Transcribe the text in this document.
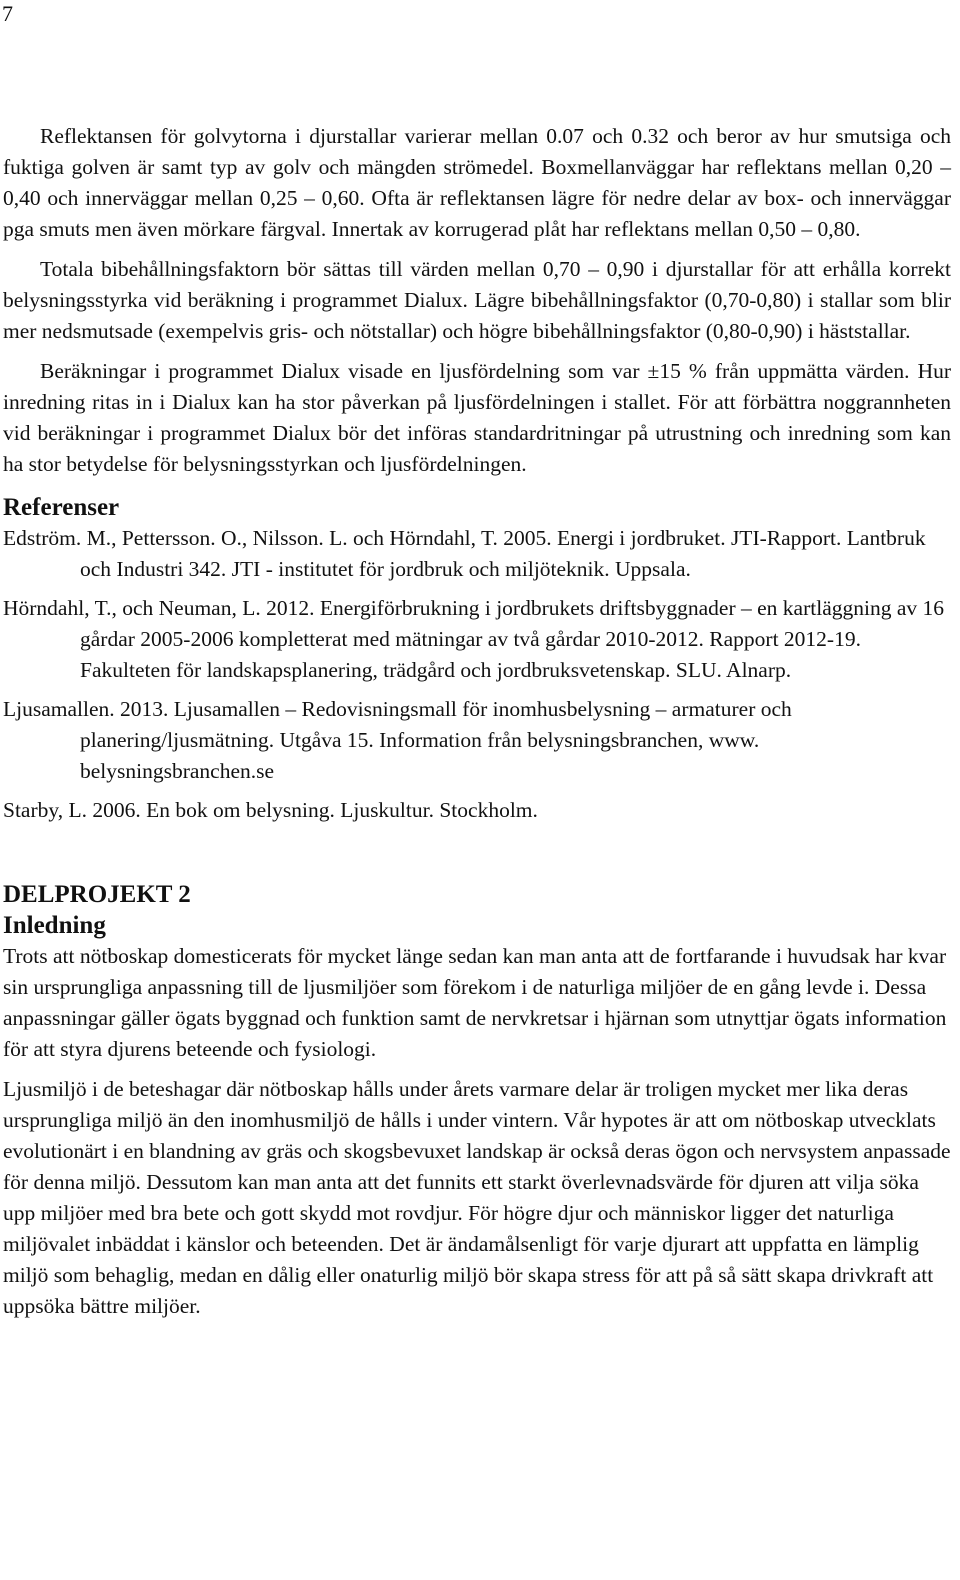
7

Reflektansen för golvytorna i djurstallar varierar mellan 0.07 och 0.32 och beror av hur smutsiga och fuktiga golven är samt typ av golv och mängden strömedel. Boxmellanväggar har reflektans mellan 0,20 – 0,40 och innerväggar mellan 0,25 – 0,60. Ofta är reflektansen lägre för nedre delar av box- och innerväggar pga smuts men även mörkare färgval. Innertak av korrugerad plåt har reflektans mellan 0,50 – 0,80.

Totala bibehållningsfaktorn bör sättas till värden mellan 0,70 – 0,90 i djurstallar för att erhålla korrekt belysningsstyrka vid beräkning i programmet Dialux. Lägre bibehållningsfaktor (0,70-0,80) i stallar som blir mer nedsmutsade (exempelvis gris- och nötstallar) och högre bibehållningsfaktor (0,80-0,90) i häststallar.

Beräkningar i programmet Dialux visade en ljusfördelning som var ±15 % från uppmätta värden. Hur inredning ritas in i Dialux kan ha stor påverkan på ljusfördelningen i stallet. För att förbättra noggrannheten vid beräkningar i programmet Dialux bör det införas standardritningar på utrustning och inredning som kan ha stor betydelse för belysningsstyrkan och ljusfördelningen.

Referenser

Edström. M., Pettersson. O., Nilsson. L. och Hörndahl, T. 2005. Energi i jordbruket. JTI-Rapport. Lantbruk och Industri 342. JTI - institutet för jordbruk och miljöteknik. Uppsala.

Hörndahl, T., och Neuman, L. 2012. Energiförbrukning i jordbrukets driftsbyggnader – en kartläggning av 16 gårdar 2005-2006 kompletterat med mätningar av två gårdar 2010-2012. Rapport 2012-19. Fakulteten för landskapsplanering, trädgård och jordbruksvetenskap. SLU. Alnarp.

Ljusamallen. 2013. Ljusamallen – Redovisningsmall för inomhusbelysning – armaturer och planering/ljusmätning. Utgåva 15. Information från belysningsbranchen, www. belysningsbranchen.se

Starby, L. 2006. En bok om belysning. Ljuskultur. Stockholm.

DELPROJEKT 2
Inledning

Trots att nötboskap domesticerats för mycket länge sedan kan man anta att de fortfarande i huvudsak har kvar sin ursprungliga anpassning till de ljusmiljöer som förekom i de naturliga miljöer de en gång levde i. Dessa anpassningar gäller ögats byggnad och funktion samt de nervkretsar i hjärnan som utnyttjar ögats information för att styra djurens beteende och fysiologi.

Ljusmiljö i de beteshagar där nötboskap hålls under årets varmare delar är troligen mycket mer lika deras ursprungliga miljö än den inomhusmiljö de hålls i under vintern. Vår hypotes är att om nötboskap utvecklats evolutionärt i en blandning av gräs och skogsbevuxet landskap är också deras ögon och nervsystem anpassade för denna miljö. Dessutom kan man anta att det funnits ett starkt överlevnadsvärde för djuren att vilja söka upp miljöer med bra bete och gott skydd mot rovdjur. För högre djur och människor ligger det naturliga miljövalet inbäddat i känslor och beteenden. Det är ändamålsenligt för varje djurart att uppfatta en lämplig miljö som behaglig, medan en dålig eller onaturlig miljö bör skapa stress för att på så sätt skapa drivkraft att uppsöka bättre miljöer.
